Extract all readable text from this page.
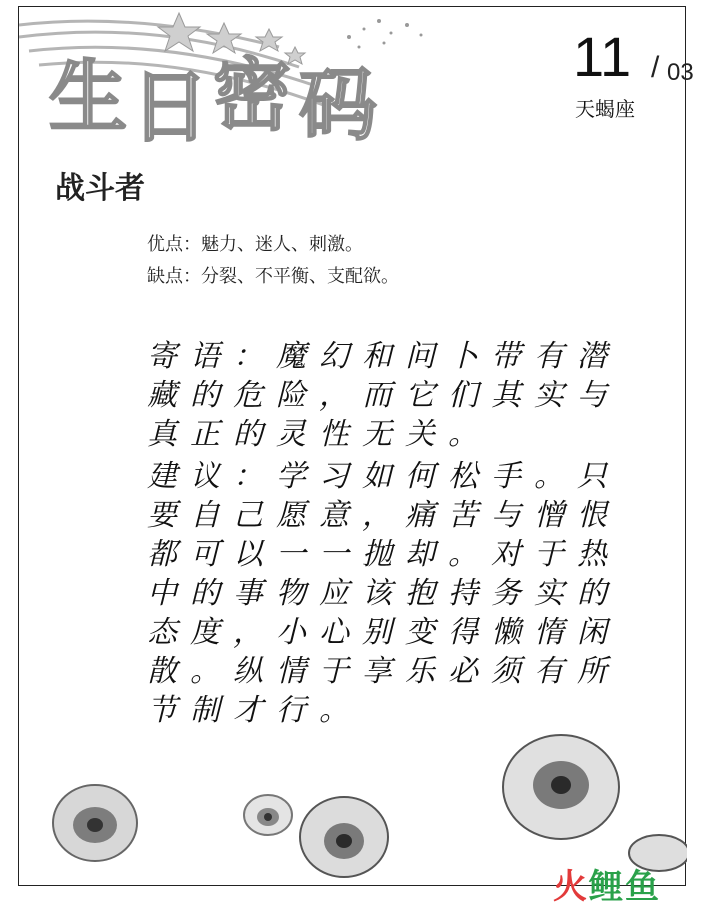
生
日
密 码
11 / 03
天蝎座
战斗者
优点：魅力、迷人、刺激。
缺点：分裂、不平衡、支配欲。
寄语：魔幻和问卜带有潜藏的危险，而它们其实与真正的灵性无关。
建议：学习如何松手。只要自己愿意，痛苦与憎恨都可以一一抛却。对于热中的事物应该抱持务实的态度，小心别变得懒惰闲散。纵情于享乐必须有所节制才行。
火鲤鱼
